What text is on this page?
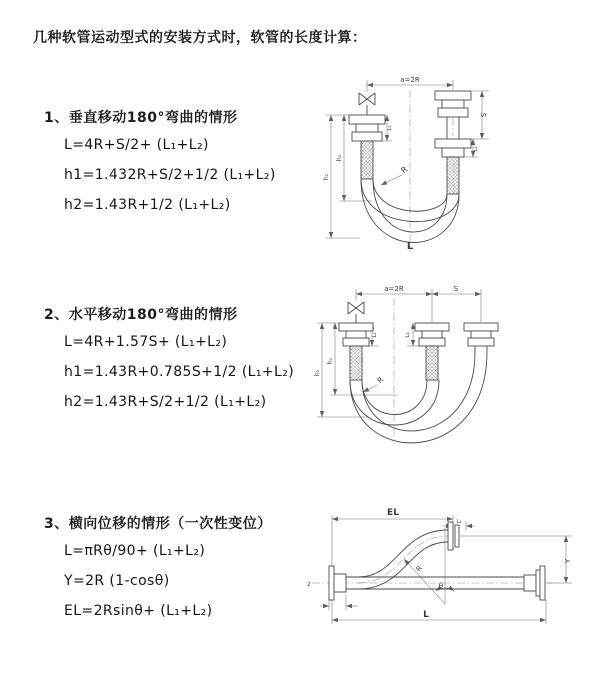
几种软管运动型式的安装方式时，软管的长度计算：
1、垂直移动180°弯曲的情形
L=4R+S/2+ (L₁+L₂)
h1=1.432R+S/2+1/2 (L₁+L₂)
h2=1.43R+1/2 (L₁+L₂)
2、水平移动180°弯曲的情形
L=4R+1.57S+ (L₁+L₂)
h1=1.43R+0.785S+1/2 (L₁+L₂)
h2=1.43R+S/2+1/2 (L₁+L₂)
3、横向位移的情形（一次性变位）
L=πRθ/90+ (L₁+L₂)
Y=2R (1-cosθ)
EL=2Rsinθ+ (L₁+L₂)
a=2R
S
L₂
L₁
h₁
h₂
R
L
a=2R	S
h₁
h₂
L₁	L₂
R
EL
L₁
Y
R
θ
L
z
